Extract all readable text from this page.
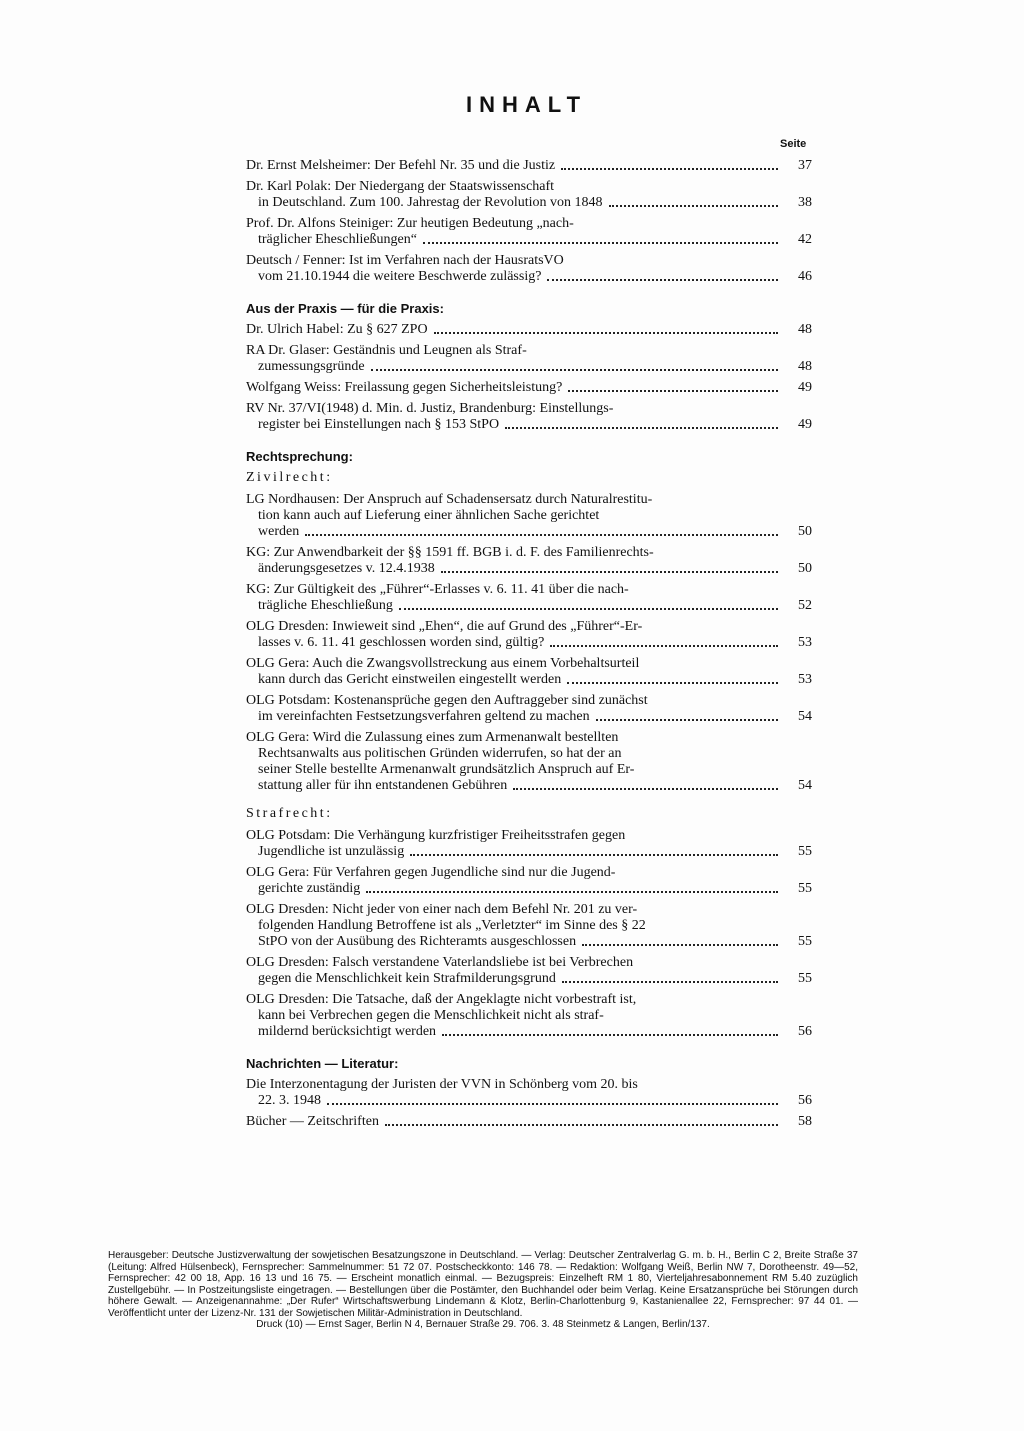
INHALT
Seite
Dr. Ernst Melsheimer: Der Befehl Nr. 35 und die Justiz	37
Dr. Karl Polak: Der Niedergang der Staatswissenschaft
in Deutschland. Zum 100. Jahrestag der Revolution von 1848	38
Prof. Dr. Alfons Steiniger: Zur heutigen Bedeutung „nach-
träglicher Eheschließungen“	42
Deutsch / Fenner: Ist im Verfahren nach der HausratsVO
vom 21.10.1944 die weitere Beschwerde zulässig?	46
Aus der Praxis — für die Praxis:
Dr. Ulrich Habel: Zu § 627 ZPO	48
RA Dr. Glaser: Geständnis und Leugnen als Straf-
zumessungsgründe	48
Wolfgang Weiss: Freilassung gegen Sicherheitsleistung?	49
RV Nr. 37/VI(1948) d. Min. d. Justiz, Brandenburg: Einstellungs-
register bei Einstellungen nach § 153 StPO	49
Rechtsprechung:
Zivilrecht:
LG Nordhausen: Der Anspruch auf Schadensersatz durch Naturalrestitu-
tion kann auch auf Lieferung einer ähnlichen Sache gerichtet
werden	50
KG: Zur Anwendbarkeit der §§ 1591 ff. BGB i. d. F. des Familienrechts-
änderungsgesetzes v. 12.4.1938	50
KG: Zur Gültigkeit des „Führer“-Erlasses v. 6. 11. 41 über die nach-
trägliche Eheschließung	52
OLG Dresden: Inwieweit sind „Ehen“, die auf Grund des „Führer“-Er-
lasses v. 6. 11. 41 geschlossen worden sind, gültig?	53
OLG Gera: Auch die Zwangsvollstreckung aus einem Vorbehaltsurteil
kann durch das Gericht einstweilen eingestellt werden	53
OLG Potsdam: Kostenansprüche gegen den Auftraggeber sind zunächst
im vereinfachten Festsetzungsverfahren geltend zu machen	54
OLG Gera: Wird die Zulassung eines zum Armenanwalt bestellten
Rechtsanwalts aus politischen Gründen widerrufen, so hat der an
seiner Stelle bestellte Armenanwalt grundsätzlich Anspruch auf Er-
stattung aller für ihn entstandenen Gebühren	54
Strafrecht:
OLG Potsdam: Die Verhängung kurzfristiger Freiheitsstrafen gegen
Jugendliche ist unzulässig	55
OLG Gera: Für Verfahren gegen Jugendliche sind nur die Jugend-
gerichte zuständig	55
OLG Dresden: Nicht jeder von einer nach dem Befehl Nr. 201 zu ver-
folgenden Handlung Betroffene ist als „Verletzter“ im Sinne des § 22
StPO von der Ausübung des Richteramts ausgeschlossen	55
OLG Dresden: Falsch verstandene Vaterlandsliebe ist bei Verbrechen
gegen die Menschlichkeit kein Strafmilderungsgrund	55
OLG Dresden: Die Tatsache, daß der Angeklagte nicht vorbestraft ist,
kann bei Verbrechen gegen die Menschlichkeit nicht als straf-
mildernd berücksichtigt werden	56
Nachrichten — Literatur:
Die Interzonentagung der Juristen der VVN in Schönberg vom 20. bis
22. 3. 1948	56
Bücher — Zeitschriften	58
Herausgeber: Deutsche Justizverwaltung der sowjetischen Besatzungszone in Deutschland. — Verlag: Deutscher Zentralverlag G. m. b. H., Berlin C 2, Breite Straße 37 (Leitung: Alfred Hülsenbeck), Fernsprecher: Sammelnummer: 51 72 07. Postscheckkonto: 146 78. — Redaktion: Wolfgang Weiß, Berlin NW 7, Dorotheenstr. 49—52, Fernsprecher: 42 00 18, App. 16 13 und 16 75. — Erscheint monatlich einmal. — Bezugspreis: Einzelheft RM 1 80, Vierteljahresabonnement RM 5.40 zuzüglich Zustellgebühr. — In Postzeitungsliste eingetragen. — Bestellungen über die Postämter, den Buchhandel oder beim Verlag. Keine Ersatzansprüche bei Störungen durch höhere Gewalt. — Anzeigenannahme: „Der Rufer“ Wirtschaftswerbung Lindemann & Klotz, Berlin-Charlottenburg 9, Kastanienallee 22, Fernsprecher: 97 44 01. — Veröffentlicht unter der Lizenz-Nr. 131 der Sowjetischen Militär-Administration in Deutschland.
Druck (10) — Ernst Sager, Berlin N 4, Bernauer Straße 29. 706. 3. 48 Steinmetz & Langen, Berlin/137.
